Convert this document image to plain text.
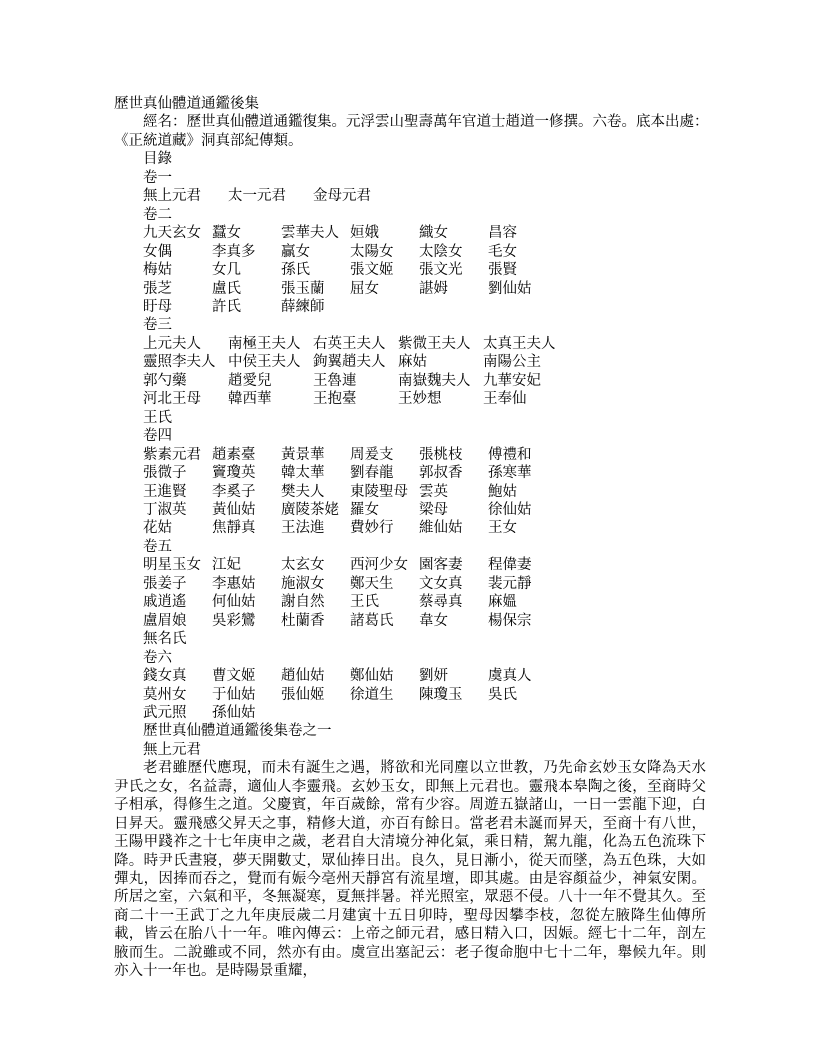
歷世真仙體道通鑑後集
經名：歷世真仙體道通鑑復集。元浮雲山聖壽萬年官道士趙道一修撰。六卷。底本出處：
《正統道藏》洞真部紀傳類。
目錄
卷一
無上元君 太一元君 金母元君
卷二
九天玄女 蠶女	雲華夫人 姮娥	織女	昌容
女偶	李真多 贏女	太陽女 太陰女 毛女
梅姑	女几	孫氏	張文姬 張文光 張賢
張芝	盧氏	張玉蘭 屈女	諶姆	劉仙姑
盱母	許氏	薛練師
卷三
上元夫人 南極王夫人 右英王夫人 紫微王夫人 太真王夫人
靈照李夫人 中侯王夫人 鉤翼趙夫人 麻姑	南陽公主
郭勺藥	趙愛兒	王魯連	南嶽魏夫人 九華安妃
河北王母 韓西華	王抱臺	王妙想	王奉仙
王氏
卷四
紫素元君 趙素臺 黃景華 周爰支 張桃枝 傅禮和
張微子 竇瓊英 韓太華 劉春龍 郭叔香 孫寒華
王進賢 李奚子 樊夫人 東陵聖母 雲英	鮑姑
丁淑英 黃仙姑 廣陵茶姥 羅女	梁母	徐仙姑
花姑	焦靜真 王法進 費妙行 維仙姑 王女
卷五
明星玉女 江妃	太玄女 西河少女 園客妻 程偉妻
張姜子 李惠姑 施淑女 鄭天生 文女真 裴元靜
戚逍遙 何仙姑 謝自然 王氏	蔡尋真 麻媼
盧眉娘 吳彩鸞 杜蘭香 諸葛氏 韋女	楊保宗
無名氏
卷六
錢女真 曹文姬 趙仙姑 鄭仙姑 劉妍	虞真人
莫州女 于仙姑 張仙姬 徐道生 陳瓊玉 吳氏
武元照 孫仙姑
歷世真仙體道通鑑後集卷之一
無上元君

老君雖歷代應現，而未有誕生之遇，將欲和光同塵以立世教，乃先命玄妙玉女降為天水尹氏之女，名益壽，適仙人李靈飛。玄妙玉女，即無上元君也。靈飛本皋陶之後，至商時父子相承，得修生之道。父慶賓，年百歲餘，常有少容。周遊五嶽諸山，一日一雲龍下迎，白日昇天。靈飛感父昇天之事，精修大道，亦百有餘日。當老君未誕而昇天，至商十有八世，王陽甲踐祚之十七年庚申之歲，老君自大清境分神化氣，乘日精，駕九龍，化為五色流珠下降。時尹氏晝寢，夢天開數丈，眾仙捧日出。良久，見日漸小，從天而墜，為五色珠，大如彈丸，因捧而吞之，覺而有娠今亳州天靜宮有流星壇，即其處。由是容顏益少，神氣安閑。所居之室，六氣和平，冬無凝寒，夏無拌暑。祥光照室，眾惡不侵。八十一年不覺其久。至商二十一王武丁之九年庚辰歲二月建寅十五日卯時，聖母因攀李枝，忽從左腋降生仙傳所載，皆云在胎八十一年。唯內傳云：上帝之師元君，感日精入口，因娠。經七十二年，剖左腋而生。二說雖或不同，然亦有由。虞宣出塞記云：老子復命胞中七十二年，舉候九年。則亦入十一年也。是時陽景重耀，
